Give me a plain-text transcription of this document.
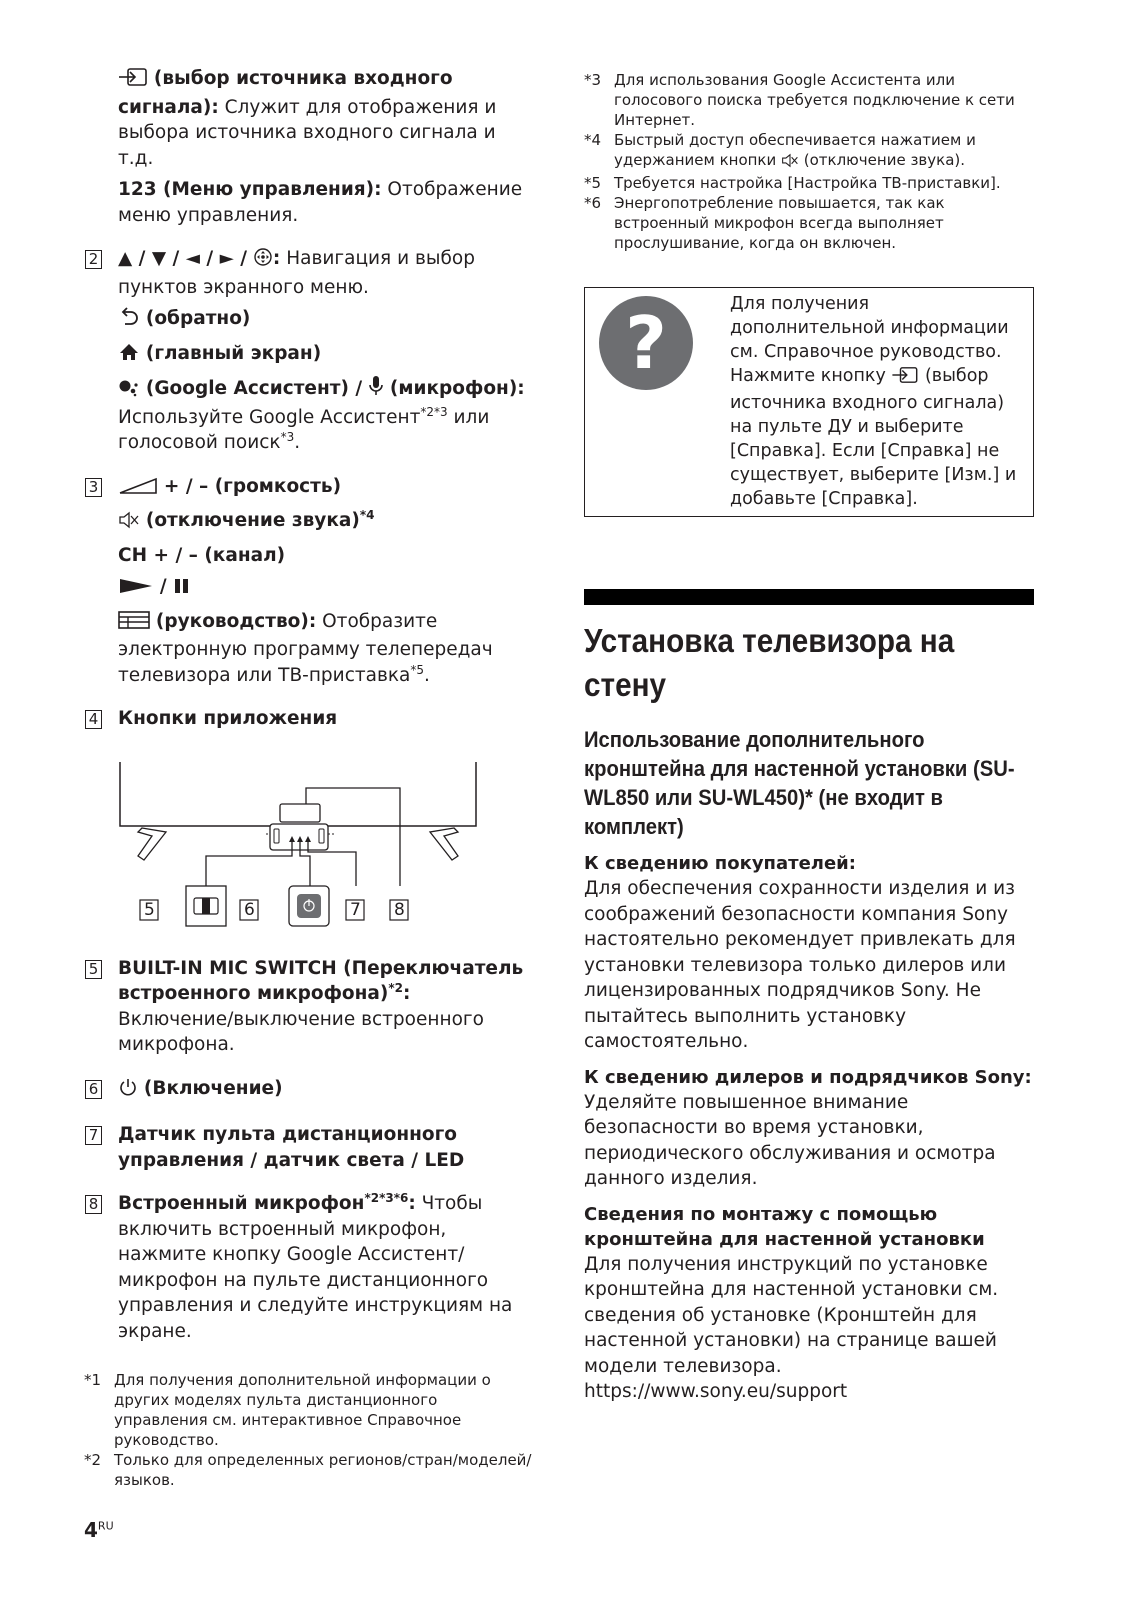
(выбор источника входного сигнала): Служит для отображения и выбора источника входного сигнала и т.д.
123 (Меню управления): Отображение меню управления.
2 ▲ / ▼ / ◄ / ► / : Навигация и выбор пунктов экранного меню.
(обратно)
(главный экран)
(Google Ассистент) / (микрофон):
Используйте Google Ассистент$^{*2*3}$ или голосовой поиск$^{*3}$.
3	+ / – (громкость)
(отключение звука)$^{*4}$
CH + / – (канал)
/
(руководство): Отобразите электронную программу телепередач телевизора или ТВ-приставка$^{*5}$.
4 Кнопки приложения
5	6	7 8
5 BUILT-IN MIC SWITCH (Переключатель встроенного микрофона)$^{*2}$:
Включение/выключение встроенного микрофона.
6	(Включение)
7 Датчик пульта дистанционного управления / датчик света / LED
8 Встроенный микрофон$^{*2*3*6}$: Чтобы включить встроенный микрофон, нажмите кнопку Google Ассистент/микрофон на пульте дистанционного управления и следуйте инструкциям на экране.
*1 Для получения дополнительной информации о других моделях пульта дистанционного управления см. интерактивное Справочное руководство.
*2 Только для определенных регионов/стран/моделей/языков.
*3 Для использования Google Ассистента или голосового поиска требуется подключение к сети Интернет.
*4 Быстрый доступ обеспечивается нажатием и удержанием кнопки  (отключение звука).
*5 Требуется настройка [Настройка ТВ-приставки].
*6 Энергопотребление повышается, так как встроенный микрофон всегда выполняет прослушивание, когда он включен.
?	Для получения дополнительной информации см. Справочное руководство. Нажмите кнопку  (выбор источника входного сигнала) на пульте ДУ и выберите [Справка]. Если [Справка] не существует, выберите [Изм.] и добавьте [Справка].
Установка телевизора на стену
Использование дополнительного кронштейна для настенной установки (SU-WL850 или SU-WL450)* (не входит в комплект)
К сведению покупателей:
Для обеспечения сохранности изделия и из соображений безопасности компания Sony настоятельно рекомендует привлекать для установки телевизора только дилеров или лицензированных подрядчиков Sony. Не пытайтесь выполнить установку самостоятельно.
К сведению дилеров и подрядчиков Sony:
Уделяйте повышенное внимание безопасности во время установки, периодического обслуживания и осмотра данного изделия.
Сведения по монтажу с помощью кронштейна для настенной установки
Для получения инструкций по установке кронштейна для настенной установки см. сведения об установке (Кронштейн для настенной установки) на странице вашей модели телевизора.
https://www.sony.eu/support
$4^{RU}$
